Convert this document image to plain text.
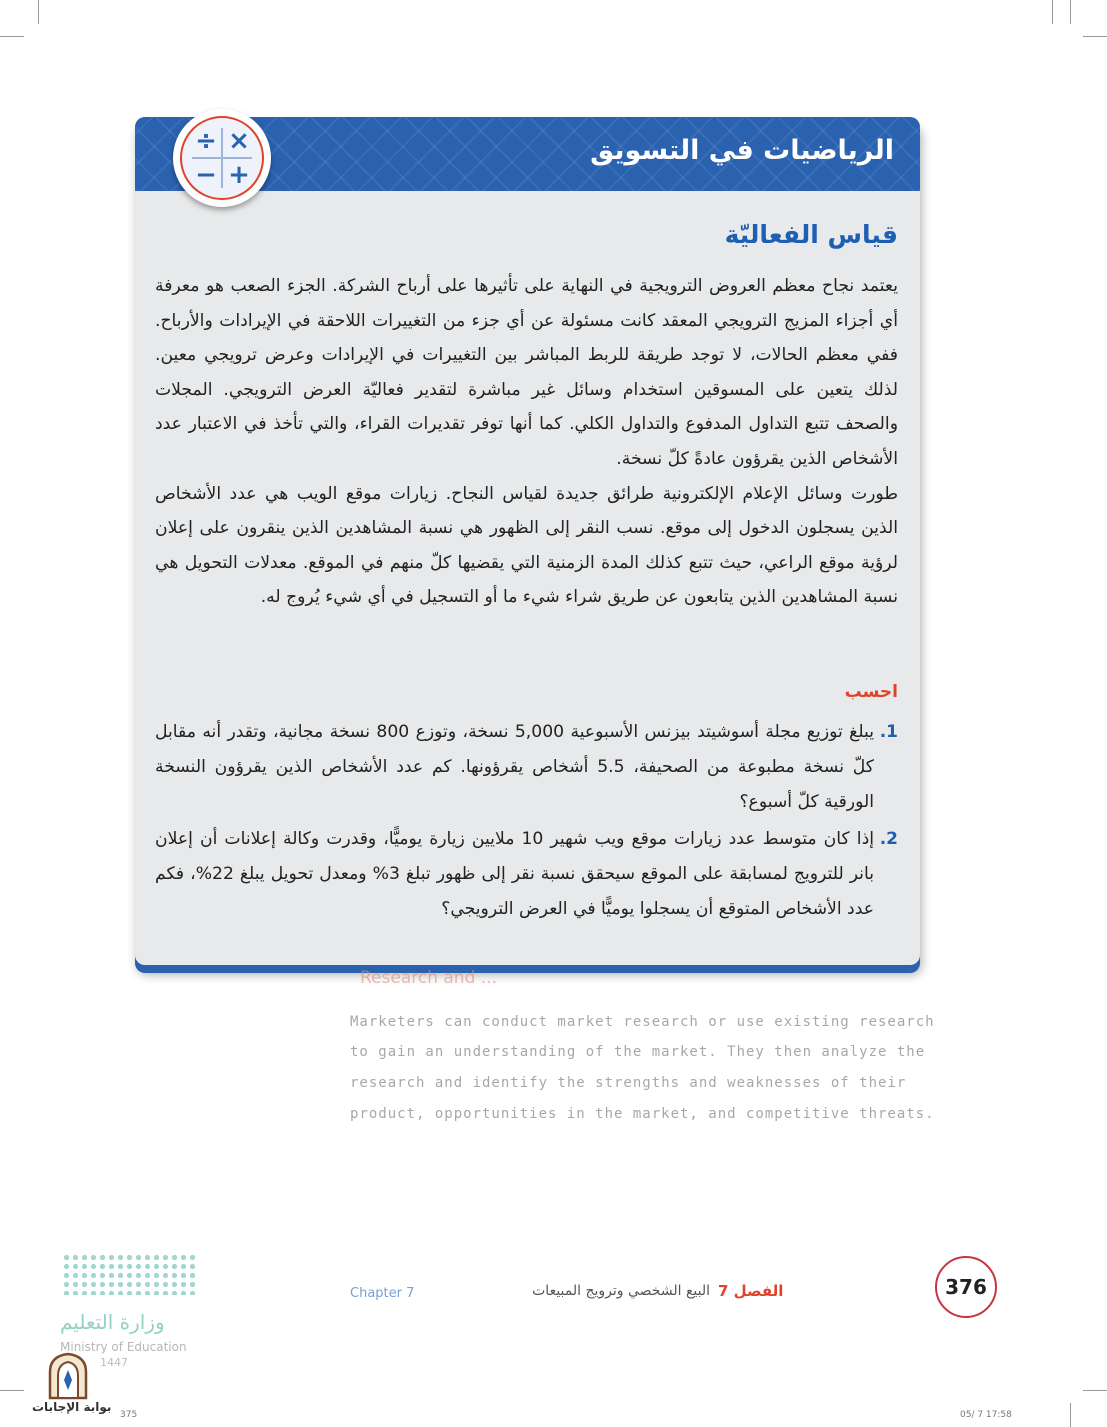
الرياضيات في التسويق
÷ ×
− +
قياس الفعاليّة

يعتمد نجاح معظم العروض الترويجية في النهاية على تأثيرها على أرباح الشركة. الجزء الصعب هو معرفة أي أجزاء المزيج الترويجي المعقد كانت مسئولة عن أي جزء من التغييرات اللاحقة في الإيرادات والأرباح. ففي معظم الحالات، لا توجد طريقة للربط المباشر بين التغييرات في الإيرادات وعرض ترويجي معين. لذلك يتعين على المسوقين استخدام وسائل غير مباشرة لتقدير فعاليّة العرض الترويجي. المجلات والصحف تتبع التداول المدفوع والتداول الكلي. كما أنها توفر تقديرات القراء، والتي تأخذ في الاعتبار عدد الأشخاص الذين يقرؤون عادةً كلّ نسخة.

طورت وسائل الإعلام الإلكترونية طرائق جديدة لقياس النجاح. زيارات موقع الويب هي عدد الأشخاص الذين يسجلون الدخول إلى موقع. نسب النقر إلى الظهور هي نسبة المشاهدين الذين ينقرون على إعلان لرؤية موقع الراعي، حيث تتبع كذلك المدة الزمنية التي يقضيها كلّ منهم في الموقع. معدلات التحويل هي نسبة المشاهدين الذين يتابعون عن طريق شراء شيء ما أو التسجيل في أي شيء يُروج له.

احسب
1.
يبلغ توزيع مجلة أسوشيتد بيزنس الأسبوعية 5,000 نسخة، وتوزع 800 نسخة مجانية، وتقدر أنه مقابل كلّ نسخة مطبوعة من الصحيفة، 5.5 أشخاص يقرؤونها. كم عدد الأشخاص الذين يقرؤون النسخة الورقية كلّ أسبوع؟
2.
إذا كان متوسط عدد زيارات موقع ويب شهير 10 ملايين زيارة يوميًّا، وقدرت وكالة إعلانات أن إعلان بانر للترويج لمسابقة على الموقع سيحقق نسبة نقر إلى ظهور تبلغ 3% ومعدل تحويل يبلغ 22%، فكم عدد الأشخاص المتوقع أن يسجلوا يوميًّا في العرض الترويجي؟
Research and ...
Marketers can conduct market research or use existing research
to gain an understanding of the market. They then analyze the
research and identify the strengths and weaknesses of their
product, opportunities in the market, and competitive threats.
Chapter 7	البيع الشخصي وترويج المبيعات الفصل 7	376
وزارة التعليم
Ministry of Education
1447
بوابة الإجابات
375	05/ 7 17:58
